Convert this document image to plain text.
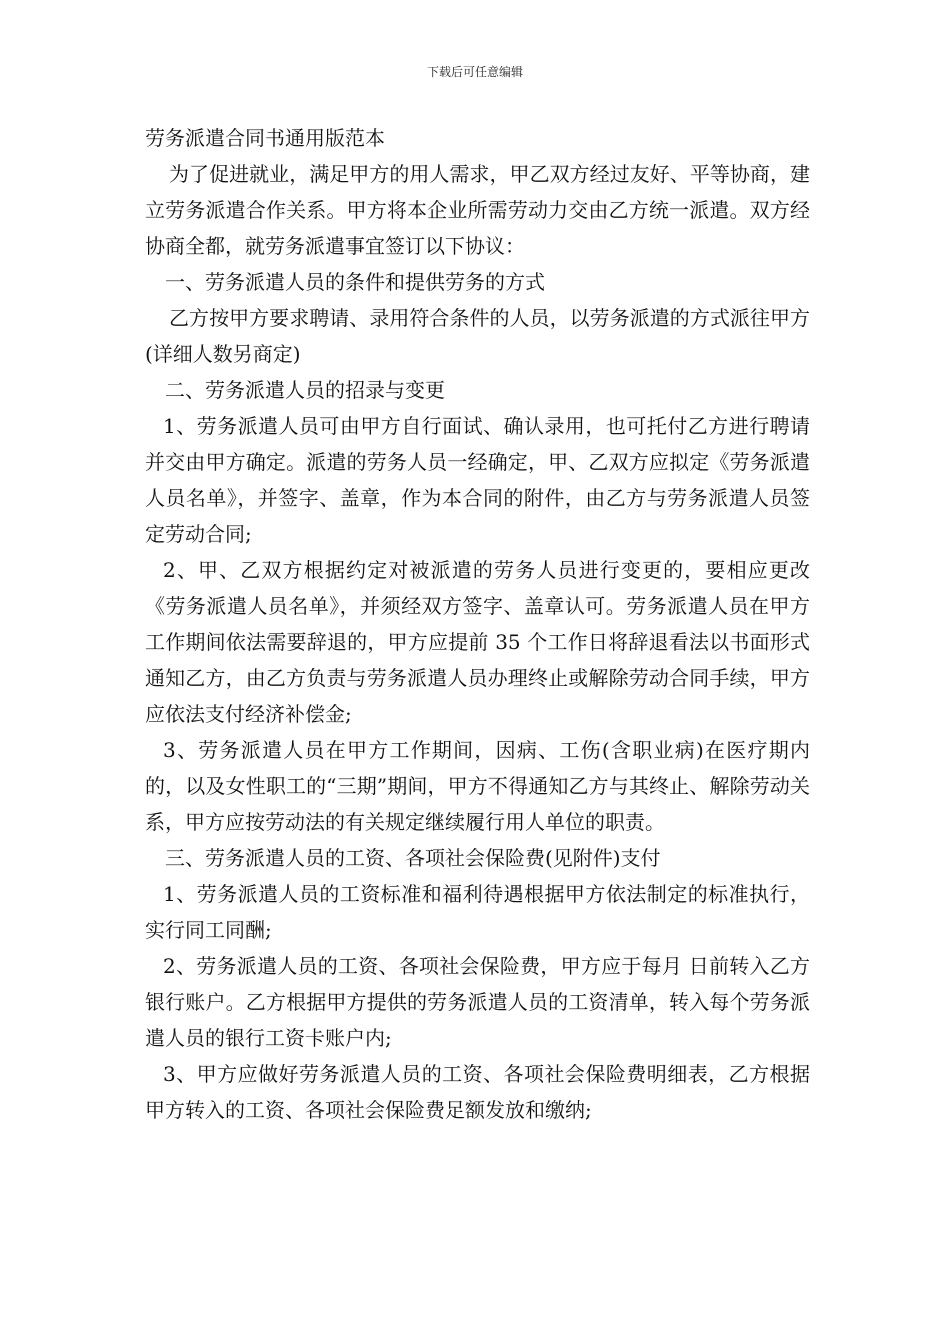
下载后可任意编辑

劳务派遣合同书通用版范本

为了促进就业，满足甲方的用人需求，甲乙双方经过友好、平等协商，建立劳务派遣合作关系。甲方将本企业所需劳动力交由乙方统一派遣。双方经协商全都，就劳务派遣事宜签订以下协议：

一、劳务派遣人员的条件和提供劳务的方式

乙方按甲方要求聘请、录用符合条件的人员，以劳务派遣的方式派往甲方(详细人数另商定)

二、劳务派遣人员的招录与变更

1、劳务派遣人员可由甲方自行面试、确认录用，也可托付乙方进行聘请并交由甲方确定。派遣的劳务人员一经确定，甲、乙双方应拟定《劳务派遣人员名单》，并签字、盖章，作为本合同的附件，由乙方与劳务派遣人员签定劳动合同;

2、甲、乙双方根据约定对被派遣的劳务人员进行变更的，要相应更改《劳务派遣人员名单》，并须经双方签字、盖章认可。劳务派遣人员在甲方工作期间依法需要辞退的，甲方应提前 35 个工作日将辞退看法以书面形式通知乙方，由乙方负责与劳务派遣人员办理终止或解除劳动合同手续，甲方应依法支付经济补偿金;

3、劳务派遣人员在甲方工作期间，因病、工伤(含职业病)在医疗期内的，以及女性职工的“三期”期间，甲方不得通知乙方与其终止、解除劳动关系，甲方应按劳动法的有关规定继续履行用人单位的职责。

三、劳务派遣人员的工资、各项社会保险费(见附件)支付

1、劳务派遣人员的工资标准和福利待遇根据甲方依法制定的标准执行，实行同工同酬;

2、劳务派遣人员的工资、各项社会保险费，甲方应于每月 日前转入乙方银行账户。乙方根据甲方提供的劳务派遣人员的工资清单，转入每个劳务派遣人员的银行工资卡账户内;

3、甲方应做好劳务派遣人员的工资、各项社会保险费明细表，乙方根据甲方转入的工资、各项社会保险费足额发放和缴纳;
